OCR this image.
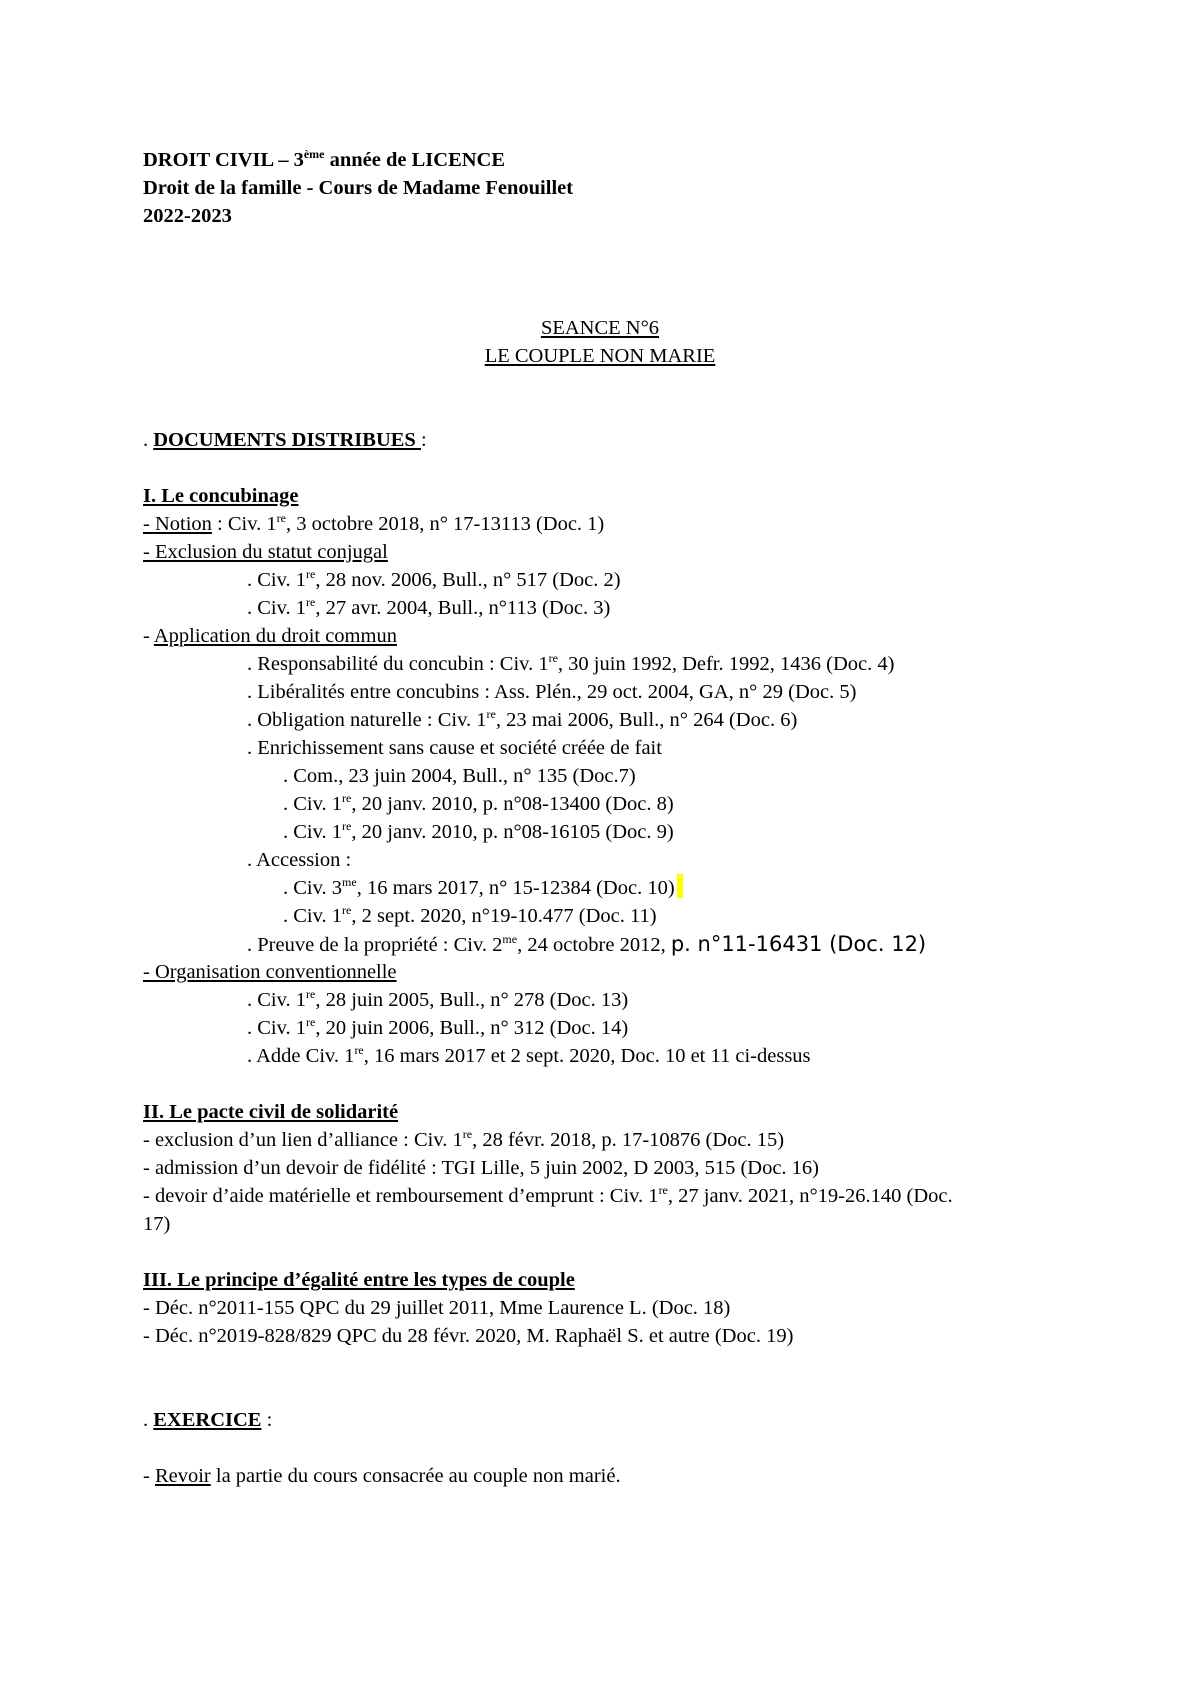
DROIT CIVIL – 3ème année de LICENCE
Droit de la famille - Cours de Madame Fenouillet
2022-2023
SEANCE N°6
LE COUPLE NON MARIE
. DOCUMENTS DISTRIBUES :
I. Le concubinage
- Notion : Civ. 1re, 3 octobre 2018, n° 17-13113 (Doc. 1)
- Exclusion du statut conjugal
. Civ. 1re, 28 nov. 2006, Bull., n° 517 (Doc. 2)
. Civ. 1re, 27 avr. 2004, Bull., n°113 (Doc. 3)
- Application du droit commun
. Responsabilité du concubin : Civ. 1re, 30 juin 1992, Defr. 1992, 1436 (Doc. 4)
. Libéralités entre concubins : Ass. Plén., 29 oct. 2004, GA, n° 29 (Doc. 5)
. Obligation naturelle : Civ. 1re, 23 mai 2006, Bull., n° 264 (Doc. 6)
. Enrichissement sans cause et société créée de fait
. Com., 23 juin 2004, Bull., n° 135 (Doc.7)
. Civ. 1re, 20 janv. 2010, p. n°08-13400 (Doc. 8)
. Civ. 1re, 20 janv. 2010, p. n°08-16105 (Doc. 9)
. Accession :
. Civ. $3^{me}$, 16 mars 2017, n° 15-12384 (Doc. 10)
. Civ. 1re, 2 sept. 2020, n°19-10.477 (Doc. 11)
. Preuve de la propriété : Civ. $2^{me}$, 24 octobre 2012, p. n°11-16431 (Doc. 12)
- Organisation conventionnelle
. Civ. 1re, 28 juin 2005, Bull., n° 278 (Doc. 13)
. Civ. 1re, 20 juin 2006, Bull., n° 312 (Doc. 14)
. Adde Civ. 1re, 16 mars 2017 et 2 sept. 2020, Doc. 10 et 11 ci-dessus
II. Le pacte civil de solidarité
- exclusion d’un lien d’alliance : Civ. 1re, 28 févr. 2018, p. 17-10876 (Doc. 15)
- admission d’un devoir de fidélité : TGI Lille, 5 juin 2002, D 2003, 515 (Doc. 16)
- devoir d’aide matérielle et remboursement d’emprunt : Civ. 1re, 27 janv. 2021, n°19-26.140 (Doc.
17)
III. Le principe d’égalité entre les types de couple
- Déc. n°2011-155 QPC du 29 juillet 2011, Mme Laurence L. (Doc. 18)
- Déc. n°2019-828/829 QPC du 28 févr. 2020, M. Raphaël S. et autre (Doc. 19)
. EXERCICE :
- Revoir la partie du cours consacrée au couple non marié.
